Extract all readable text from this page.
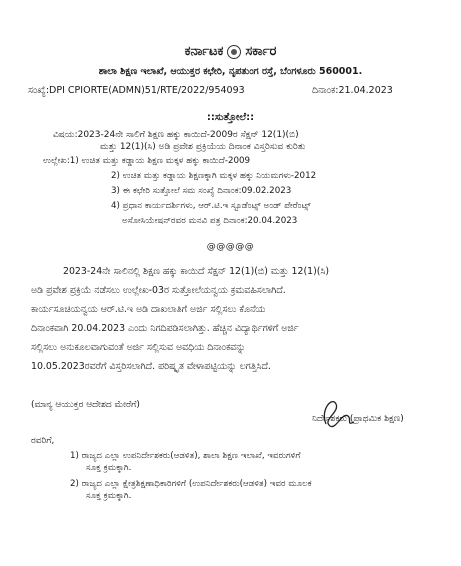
ಕರ್ನಾಟಕ ಸರ್ಕಾರ
ಶಾಲಾ ಶಿಕ್ಷಣ ಇಲಾಖೆ, ಆಯುಕ್ತರ ಕಛೇರಿ, ನೃಪತುಂಗ ರಸ್ತೆ, ಬೆಂಗಳೂರು 560001.
ಸಂಖ್ಯೆ:DPI CPIORTE(ADMN)51/RTE/2022/954093	ದಿನಾಂಕ:21.04.2023
::ಸುತ್ತೋಲೆ::
ವಿಷಯ:2023-24ನೇ ಸಾಲಿಗೆ ಶಿಕ್ಷಣ ಹಕ್ಕು ಕಾಯಿದೆ-2009ರ ಸೆಕ್ಷನ್ 12(1)(ಬಿ)
ಮತ್ತು 12(1)(ಸಿ) ಅಡಿ ಪ್ರವೇಶ ಪ್ರಕ್ರಿಯೆಯ ದಿನಾಂಕ ವಿಸ್ತರಿಸುವ ಕುರಿತು
ಉಲ್ಲೇಖ:1) ಉಚಿತ ಮತ್ತು ಕಡ್ಡಾಯ ಶಿಕ್ಷಣ ಮಕ್ಕಳ ಹಕ್ಕು ಕಾಯಿದೆ-2009
2) ಉಚಿತ ಮತ್ತು ಕಡ್ಡಾಯ ಶಿಕ್ಷಣಕ್ಕಾಗಿ ಮಕ್ಕಳ ಹಕ್ಕು ನಿಯಮಗಳು-2012
3) ಈ ಕಛೇರಿ ಸುತ್ತೋಲೆ ಸಮ ಸಂಖ್ಯೆ ದಿನಾಂಕ:09.02.2023
4) ಪ್ರಧಾನ ಕಾರ್ಯದರ್ಶಿಗಳು, ಆರ್.ಟಿ.ಇ ಸ್ಟೂಡೆಂಟ್ಸ್ ಅಂಡ್ ಪೇರೆಂಟ್ಸ್
ಅಸೋಸಿಯೇಷನ್‌ರವರ ಮನವಿ ಪತ್ರ ದಿನಾಂಕ:20.04.2023
@@@@@
2023-24ನೇ ಸಾಲಿನಲ್ಲಿ ಶಿಕ್ಷಣ ಹಕ್ಕು ಕಾಯಿದೆ ಸೆಕ್ಷನ್ 12(1)(ಬಿ) ಮತ್ತು 12(1)(ಸಿ)
ಅಡಿ ಪ್ರವೇಶ ಪ್ರಕ್ರಿಯೆ ನಡೆಸಲು ಉಲ್ಲೇಖ-03ರ ಸುತ್ತೋಲೆಯನ್ವಯ ಕ್ರಮವಹಿಸಲಾಗಿದೆ.
ಕಾರ್ಯಸೂಚಿಯನ್ವಯ ಆರ್.ಟಿ.ಇ ಅಡಿ ದಾಖಲಾತಿಗೆ ಅರ್ಜಿ ಸಲ್ಲಿಸಲು ಕೊನೆಯ
ದಿನಾಂಕವಾಗಿ 20.04.2023 ಎಂದು ನಿಗದಿಪಡಿಸಲಾಗಿತ್ತು. ಹೆಚ್ಚಿನ ವಿದ್ಯಾರ್ಥಿಗಳಿಗೆ ಅರ್ಜಿ
ಸಲ್ಲಿಸಲು ಅನುಕೂಲವಾಗುವಂತೆ ಅರ್ಜಿ ಸಲ್ಲಿಸುವ ಅವಧಿಯ ದಿನಾಂಕವನ್ನು
10.05.2023ರವರೆಗೆ ವಿಸ್ತರಿಸಲಾಗಿದೆ. ಪರಿಷ್ಕೃತ ವೇಳಾಪಟ್ಟಿಯನ್ನು ಲಗತ್ತಿಸಿದೆ.
(ಮಾನ್ಯ ಆಯುಕ್ತರ ಆದೇಶದ ಮೇರೆಗೆ)
ನಿರ್ದೇಶಕರು (ಪ್ರಾಥಮಿಕ ಶಿಕ್ಷಣ)
ರವರಿಗೆ,
1) ರಾಜ್ಯದ ಎಲ್ಲಾ ಉಪನಿರ್ದೇಶಕರು(ಆಡಳಿತ), ಶಾಲಾ ಶಿಕ್ಷಣ ಇಲಾಖೆ, ಇವರುಗಳಿಗೆ
ಸೂಕ್ತ ಕ್ರಮಕ್ಕಾಗಿ.
2) ರಾಜ್ಯದ ಎಲ್ಲಾ ಕ್ಷೇತ್ರಶಿಕ್ಷಣಾಧಿಕಾರಿಗಳಿಗೆ (ಉಪನಿರ್ದೇಶಕರು(ಆಡಳಿತ) ಇವರ ಮೂಲಕ
ಸೂಕ್ತ ಕ್ರಮಕ್ಕಾಗಿ.
